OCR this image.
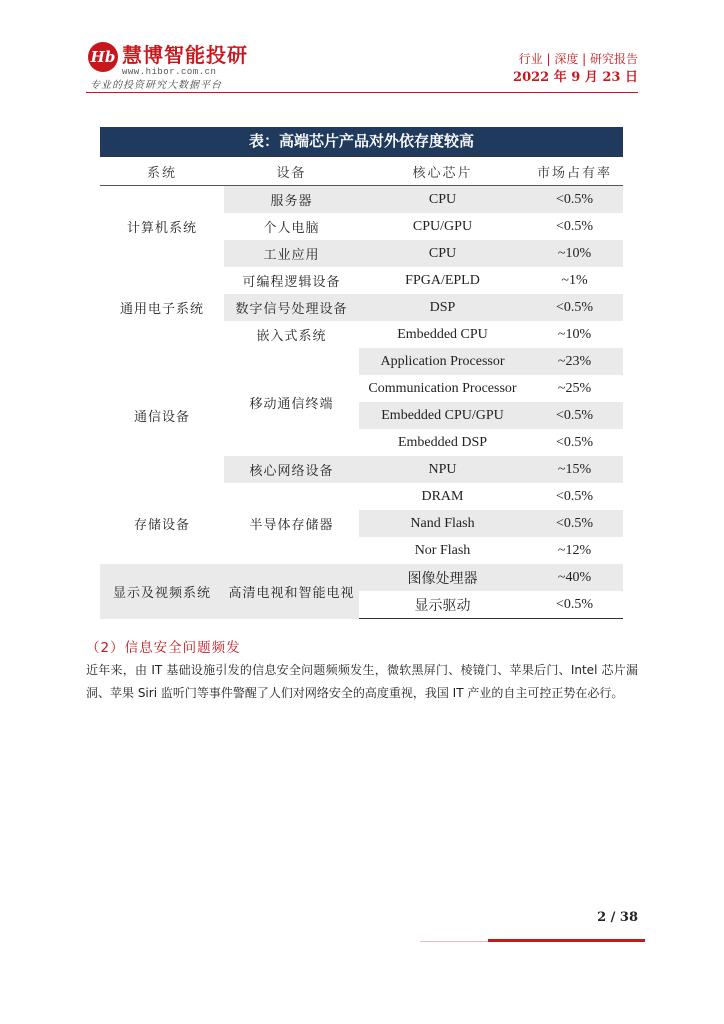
Hb 慧博智能投研
www.hibor.com.cn
专业的投资研究大数据平台
行业 | 深度 | 研究报告
2022 年 9 月 23 日
表：高端芯片产品对外依存度较高
系统	设备	核心芯片	市场占有率
计算机系统	服务器	CPU	<0.5%
	个人电脑	CPU/GPU	<0.5%
	工业应用	CPU	~10%
通用电子系统	可编程逻辑设备	FPGA/EPLD	~1%
	数字信号处理设备	DSP	<0.5%
	嵌入式系统	Embedded CPU	~10%
通信设备	移动通信终端	Application Processor	~23%
		Communication Processor	~25%
		Embedded CPU/GPU	<0.5%
		Embedded DSP	<0.5%
	核心网络设备	NPU	~15%
存储设备	半导体存储器	DRAM	<0.5%
		Nand Flash	<0.5%
		Nor Flash	~12%
显示及视频系统	高清电视和智能电视	图像处理器	~40%
		显示驱动	<0.5%
（2）信息安全问题频发
近年来，由 IT 基础设施引发的信息安全问题频频发生，微软黑屏门、棱镜门、苹果后门、Intel 芯片漏洞、苹果 Siri 监听门等事件警醒了人们对网络安全的高度重视，我国 IT 产业的自主可控正势在必行。
2 / 38
